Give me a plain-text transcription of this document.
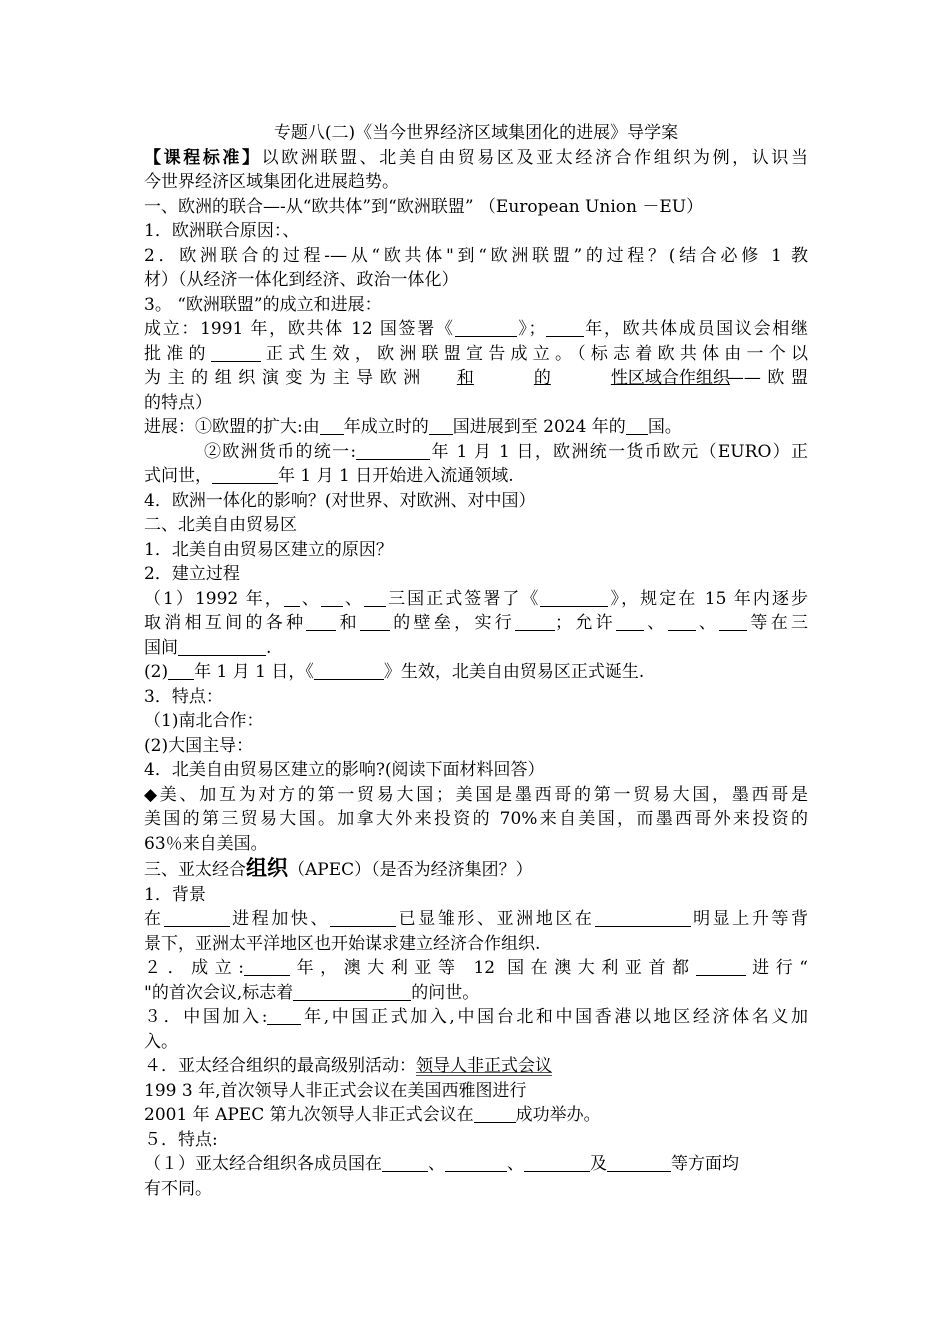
专题八(二)《当今世界经济区域集团化的进展》导学案
【课程标准】以欧洲联盟、北美自由贸易区及亚太经济合作组织为例，认识当
今世界经济区域集团化进展趋势。
一、欧洲的联合—-从“欧共体”到“欧洲联盟” （European Union －EU）
1．欧洲联合原因：、
2．欧洲联合的过程-—从“欧共体"到“欧洲联盟”的过程？(结合必修 1 教
材）（从经济一体化到经济、政治一体化）
3。 “欧洲联盟”的成立和进展：
成立：1991 年，欧共体 12 国签署《	》； 年，欧共体成员国议会相继
批准的	正式生效，欧洲联盟宣告成立。（标志着欧共体由一个以
为主的组织演变为主导欧洲 和	的	性区域合作组织——欧盟
的特点）
进展：①欧盟的扩大:由 年成立时的 国进展到至 2024 年的 国。
②欧洲货币的统一:	年 1 月 1 日，欧洲统一货币欧元（EURO）正
式问世，	年 1 月 1 日开始进入流通领域.
4．欧洲一体化的影响？(对世界、对欧洲、对中国）
二、北美自由贸易区
1．北美自由贸易区建立的原因？
2．建立过程
（1）1992 年， 、 、 三国正式签署了《	》，规定在 15 年内逐步
取消相互间的各种 和 的壁垒，实行 ；允许 、 、 等在三
国间	.
(2) 年 1 月 1 日，《	》生效，北美自由贸易区正式诞生.
3．特点：
（1)南北合作：
(2)大国主导：
4．北美自由贸易区建立的影响?(阅读下面材料回答）
◆美、加互为对方的第一贸易大国；美国是墨西哥的第一贸易大国，墨西哥是
美国的第三贸易大国。加拿大外来投资的 70%来自美国，而墨西哥外来投资的
63％来自美国。
三、亚太经合组织（APEC）（是否为经济集团？）
1．背景
在	进程加快、	已显雏形、亚洲地区在	明显上升等背
景下，亚洲太平洋地区也开始谋求建立经济合作组织.
２．成立:	年，澳大利亚等 12 国在澳大利亚首都	进行“
"的首次会议,标志着	的问世。
３．中国加入: 年,中国正式加入,中国台北和中国香港以地区经济体名义加
入。
４．亚太经合组织的最高级别活动：领导人非正式会议
199 3 年,首次领导人非正式会议在美国西雅图进行
2001 年 APEC 第九次领导人非正式会议在 成功举办。
５．特点:
（１）亚太经合组织各成员国在	、	、	及	等方面均
有不同。
